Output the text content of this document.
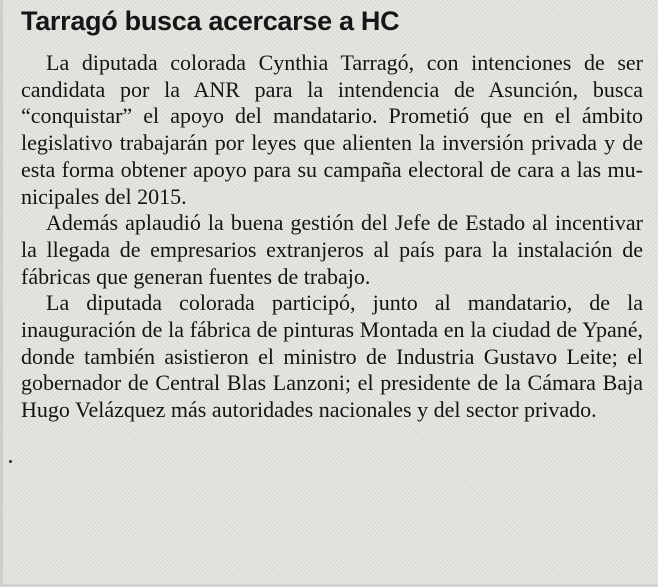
Tarragó busca acercarse a HC

La diputada colorada Cynthia Tarragó, con intenciones de ser candidata por la ANR para la intendencia de Asunción, busca “conquistar” el apoyo del mandatario. Prometió que en el ámbito legislativo trabajarán por leyes que alienten la inversión privada y de esta forma obtener apoyo para su campaña electoral de cara a las municipales del 2015.

Además aplaudió la buena gestión del Jefe de Estado al incentivar la llegada de empresarios extranjeros al país para la instalación de fábricas que generan fuentes de trabajo.

La diputada colorada participó, junto al mandatario, de la inauguración de la fábrica de pinturas Montada en la ciudad de Ypané, donde también asistieron el ministro de Industria Gustavo Leite; el gobernador de Central Blas Lanzoni; el presidente de la Cámara Baja Hugo Velázquez más autoridades nacionales y del sector privado.
